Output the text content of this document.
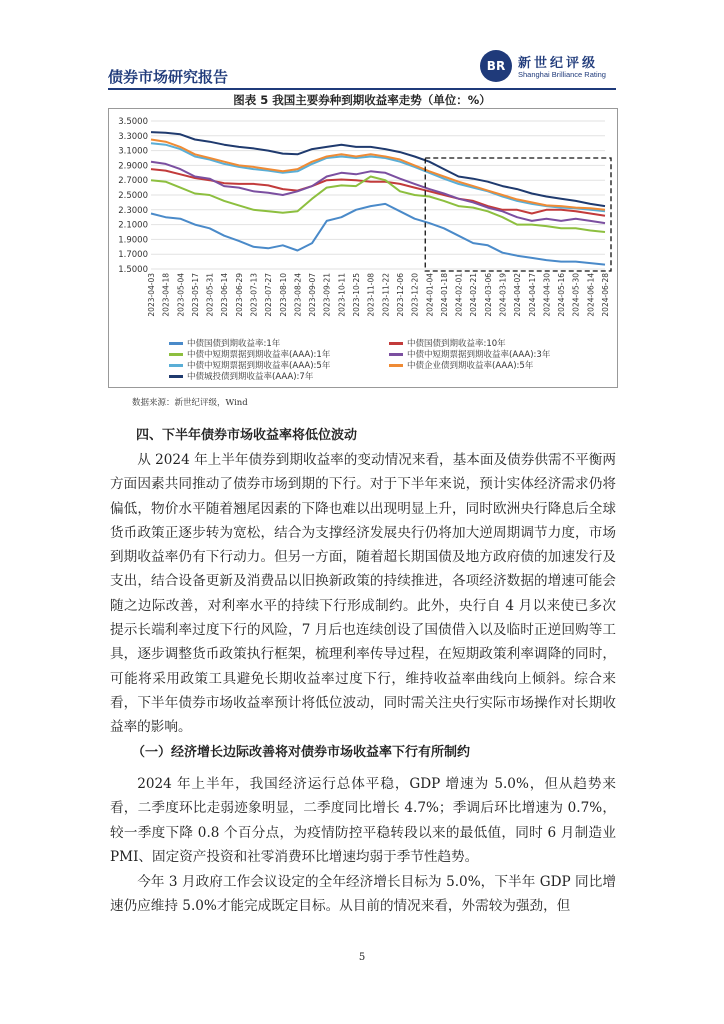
债券市场研究报告
BR 新世纪评级
Shanghai Brilliance Rating
图表 5 我国主要券种到期收益率走势（单位：%）
3.5000
3.3000
3.1000
2.9000
2.7000
2.5000
2.3000
2.1000
1.9000
1.7000
1.5000
2023-04-03 2023-04-18 2023-05-04 2023-05-17 2023-05-31 2023-06-14 2023-06-29 2023-07-13 2023-07-27 2023-08-10 2023-08-24 2023-09-07 2023-09-21 2023-10-11 2023-10-25 2023-11-08 2023-11-22 2023-12-06 2023-12-20 2024-01-04 2024-01-18 2024-02-01 2024-02-21 2024-03-06 2024-03-19 2024-04-02 2024-04-17 2024-04-30 2024-05-16 2024-05-30 2024-06-14 2024-06-28
中债国债到期收益率:1年	中债国债到期收益率:10年
中债中短期票据到期收益率(AAA):1年	中债中短期票据到期收益率(AAA):3年
中债中短期票据到期收益率(AAA):5年	中债企业债到期收益率(AAA):5年
中债城投债到期收益率(AAA):7年
数据来源：新世纪评级，Wind
四、下半年债券市场收益率将低位波动
从 2024 年上半年债券到期收益率的变动情况来看，基本面及债券供需不平衡两方面因素共同推动了债券市场到期的下行。对于下半年来说，预计实体经济需求仍将偏低，物价水平随着翘尾因素的下降也难以出现明显上升，同时欧洲央行降息后全球货币政策正逐步转为宽松，结合为支撑经济发展央行仍将加大逆周期调节力度，市场到期收益率仍有下行动力。但另一方面，随着超长期国债及地方政府债的加速发行及支出，结合设备更新及消费品以旧换新政策的持续推进，各项经济数据的增速可能会随之边际改善，对利率水平的持续下行形成制约。此外，央行自 4 月以来使已多次提示长端利率过度下行的风险，7 月后也连续创设了国债借入以及临时正逆回购等工具，逐步调整货币政策执行框架，梳理利率传导过程，在短期政策利率调降的同时，可能将采用政策工具避免长期收益率过度下行，维持收益率曲线向上倾斜。综合来看，下半年债券市场收益率预计将低位波动，同时需关注央行实际市场操作对长期收益率的影响。
（一）经济增长边际改善将对债券市场收益率下行有所制约
2024 年上半年，我国经济运行总体平稳，GDP 增速为 5.0%，但从趋势来看，二季度环比走弱迹象明显，二季度同比增长 4.7%；季调后环比增速为 0.7%，较一季度下降 0.8 个百分点，为疫情防控平稳转段以来的最低值，同时 6 月制造业 PMI、固定资产投资和社零消费环比增速均弱于季节性趋势。
今年 3 月政府工作会议设定的全年经济增长目标为 5.0%，下半年 GDP 同比增速仍应维持 5.0%才能完成既定目标。从目前的情况来看，外需较为强劲，但
5
